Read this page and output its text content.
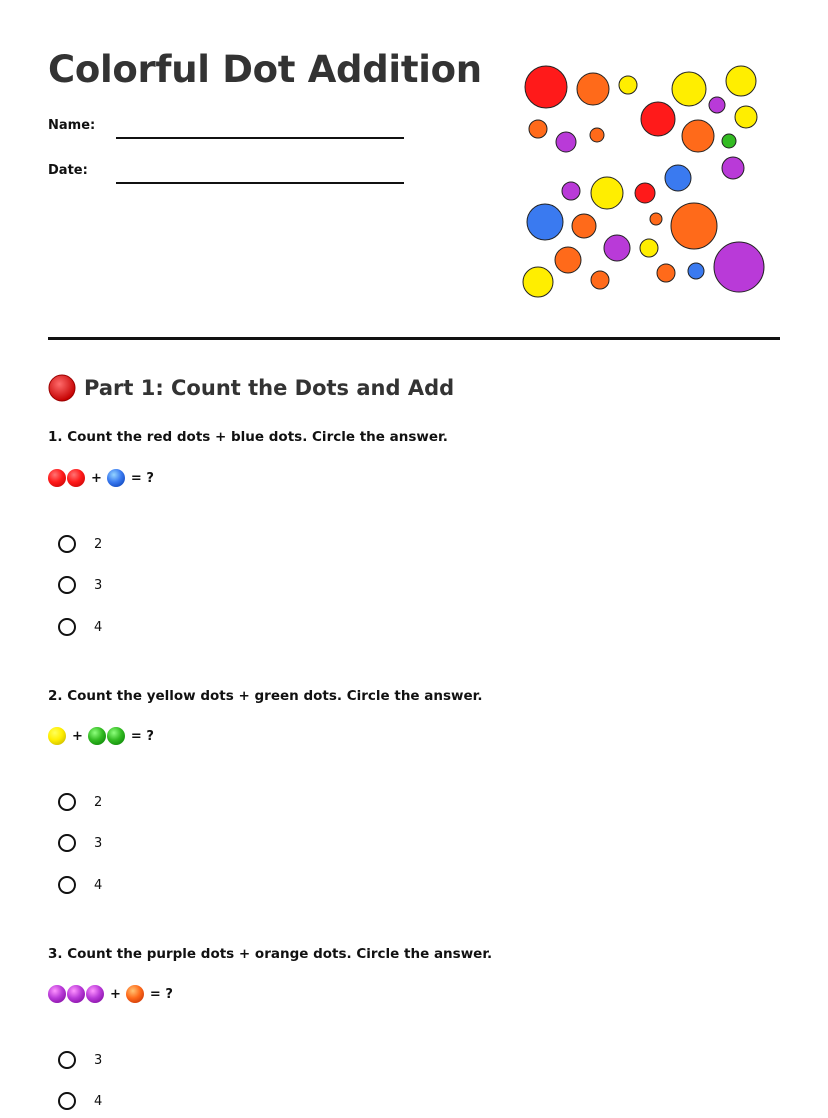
Colorful Dot Addition
Name:
Date:
Part 1: Count the Dots and Add
1. Count the red dots + blue dots. Circle the answer.
+ = ?
2
3
4
2. Count the yellow dots + green dots. Circle the answer.
+	= ?
2
3
4
3. Count the purple dots + orange dots. Circle the answer.
+ = ?
3
4
